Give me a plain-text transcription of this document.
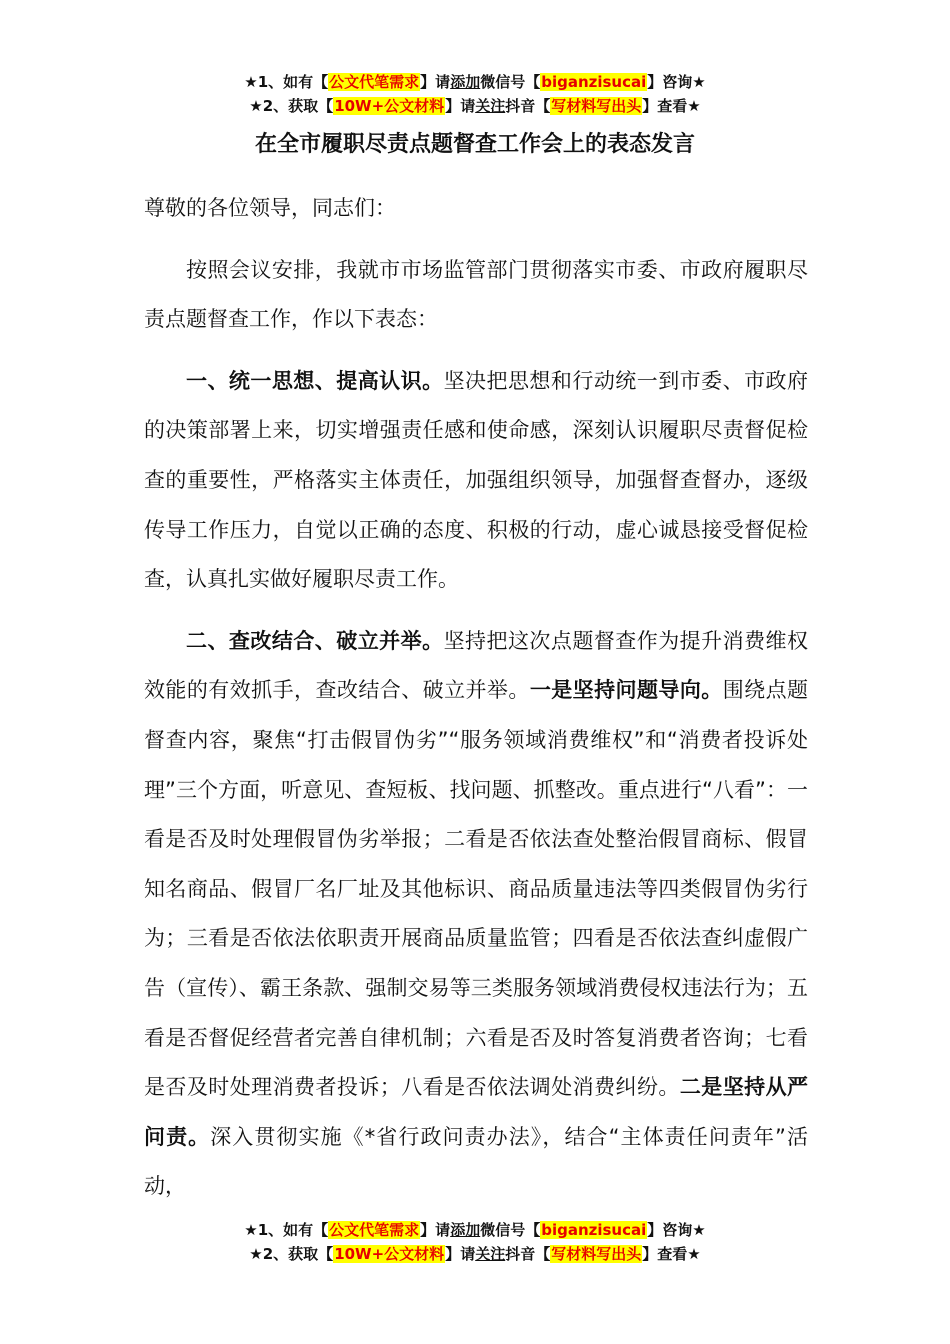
★1、如有【公文代笔需求】请添加微信号【biganzisucai】咨询★
★2、获取【10W+公文材料】请关注抖音【写材料写出头】查看★
在全市履职尽责点题督查工作会上的表态发言

尊敬的各位领导，同志们：

按照会议安排，我就市市场监管部门贯彻落实市委、市政府履职尽责点题督查工作，作以下表态：

一、统一思想、提高认识。坚决把思想和行动统一到市委、市政府的决策部署上来，切实增强责任感和使命感，深刻认识履职尽责督促检查的重要性，严格落实主体责任，加强组织领导，加强督查督办，逐级传导工作压力，自觉以正确的态度、积极的行动，虚心诚恳接受督促检查，认真扎实做好履职尽责工作。

二、查改结合、破立并举。坚持把这次点题督查作为提升消费维权效能的有效抓手，查改结合、破立并举。一是坚持问题导向。围绕点题督查内容，聚焦“打击假冒伪劣”“服务领域消费维权”和“消费者投诉处理”三个方面，听意见、查短板、找问题、抓整改。重点进行“八看”：一看是否及时处理假冒伪劣举报；二看是否依法查处整治假冒商标、假冒知名商品、假冒厂名厂址及其他标识、商品质量违法等四类假冒伪劣行为；三看是否依法依职责开展商品质量监管；四看是否依法查纠虚假广告（宣传）、霸王条款、强制交易等三类服务领域消费侵权违法行为；五看是否督促经营者完善自律机制；六看是否及时答复消费者咨询；七看是否及时处理消费者投诉；八看是否依法调处消费纠纷。二是坚持从严问责。深入贯彻实施《*省行政问责办法》，结合“主体责任问责年”活动，

★1、如有【公文代笔需求】请添加微信号【biganzisucai】咨询★
★2、获取【10W+公文材料】请关注抖音【写材料写出头】查看★
